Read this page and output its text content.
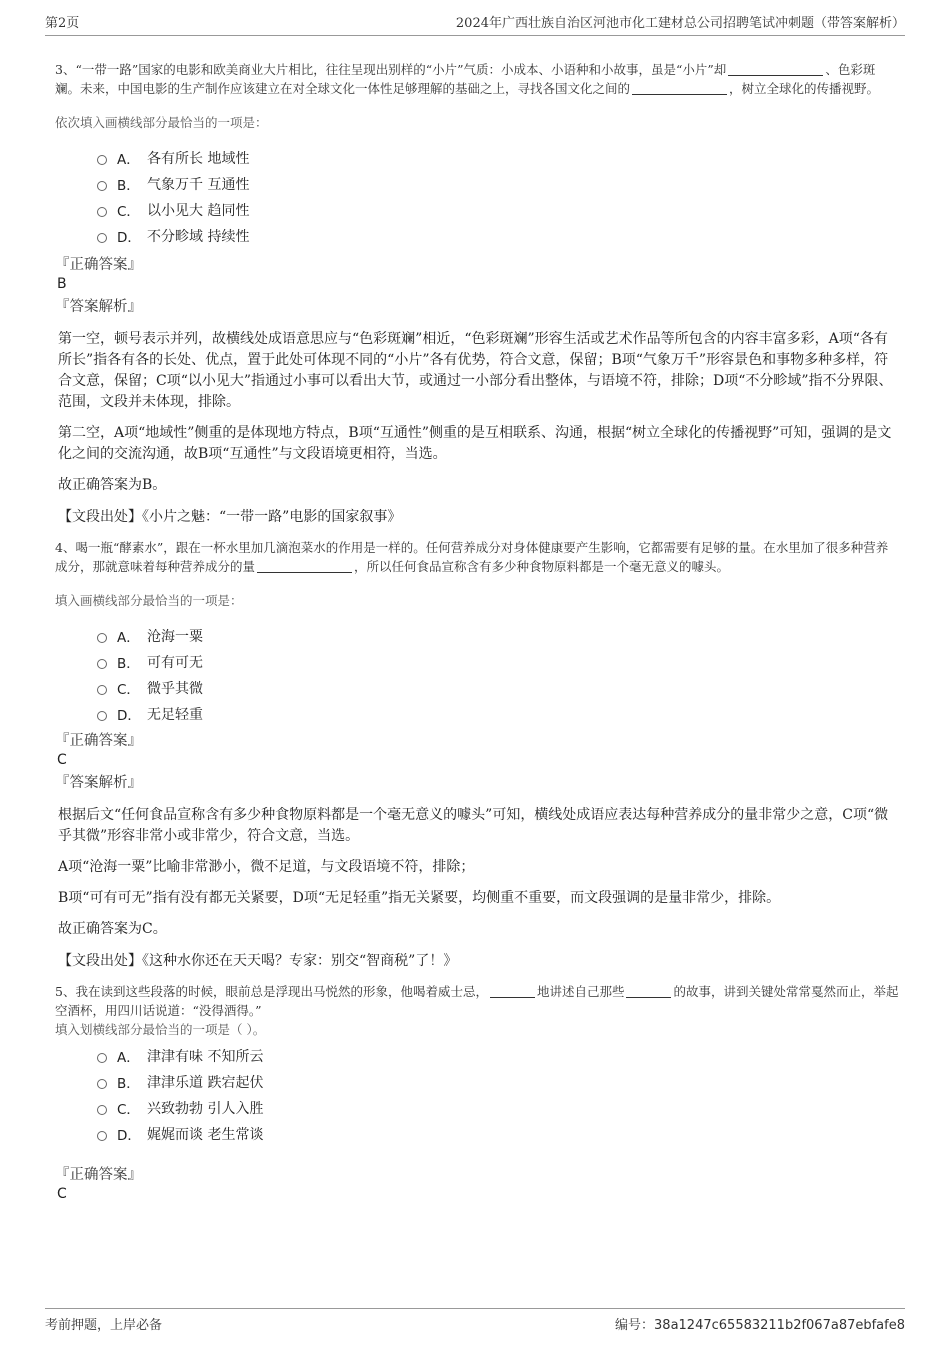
第2页	2024年广西壮族自治区河池市化工建材总公司招聘笔试冲刺题（带答案解析）

3、“一带一路”国家的电影和欧美商业大片相比，往往呈现出别样的“小片”气质：小成本、小语种和小故事，虽是“小片”却	、色彩斑斓。未来，中国电影的生产制作应该建立在对全球文化一体性足够理解的基础之上，寻找各国文化之间的	，树立全球化的传播视野。

依次填入画横线部分最恰当的一项是：

A． 各有所长 地域性
B． 气象万千 互通性
C． 以小见大 趋同性
D． 不分畛域 持续性

『正确答案』

B

『答案解析』

第一空，顿号表示并列，故横线处成语意思应与“色彩斑斓”相近，“色彩斑斓”形容生活或艺术作品等所包含的内容丰富多彩，A项“各有所长”指各有各的长处、优点，置于此处可体现不同的“小片”各有优势，符合文意，保留；B项“气象万千”形容景色和事物多种多样，符合文意，保留；C项“以小见大”指通过小事可以看出大节，或通过一小部分看出整体，与语境不符，排除；D项“不分畛域”指不分界限、范围，文段并未体现，排除。

第二空，A项“地域性”侧重的是体现地方特点，B项“互通性”侧重的是互相联系、沟通，根据“树立全球化的传播视野”可知，强调的是文化之间的交流沟通，故B项“互通性”与文段语境更相符，当选。

故正确答案为B。

【文段出处】《小片之魅：“一带一路”电影的国家叙事》

4、喝一瓶“酵素水”，跟在一杯水里加几滴泡菜水的作用是一样的。任何营养成分对身体健康要产生影响，它都需要有足够的量。在水里加了很多种营养成分，那就意味着每种营养成分的量	，所以任何食品宣称含有多少种食物原料都是一个毫无意义的噱头。

填入画横线部分最恰当的一项是：

A． 沧海一粟
B． 可有可无
C． 微乎其微
D． 无足轻重

『正确答案』

C

『答案解析』

根据后文“任何食品宣称含有多少种食物原料都是一个毫无意义的噱头”可知，横线处成语应表达每种营养成分的量非常少之意，C项“微乎其微”形容非常小或非常少，符合文意，当选。

A项“沧海一粟”比喻非常渺小，微不足道，与文段语境不符，排除；

B项“可有可无”指有没有都无关紧要，D项“无足轻重”指无关紧要，均侧重不重要，而文段强调的是量非常少，排除。

故正确答案为C。

【文段出处】《这种水你还在天天喝？专家：别交“智商税”了！》

5、我在读到这些段落的时候，眼前总是浮现出马悦然的形象，他喝着威士忌，	地讲述自己那些	的故事，讲到关键处常常戛然而止，举起空酒杯，用四川话说道：“没得酒得。”

填入划横线部分最恰当的一项是（ ）。

A． 津津有味 不知所云
B． 津津乐道 跌宕起伏
C． 兴致勃勃 引人入胜
D． 娓娓而谈 老生常谈

『正确答案』

C

考前押题，上岸必备	编号：38a1247c65583211b2f067a87ebfafe8
